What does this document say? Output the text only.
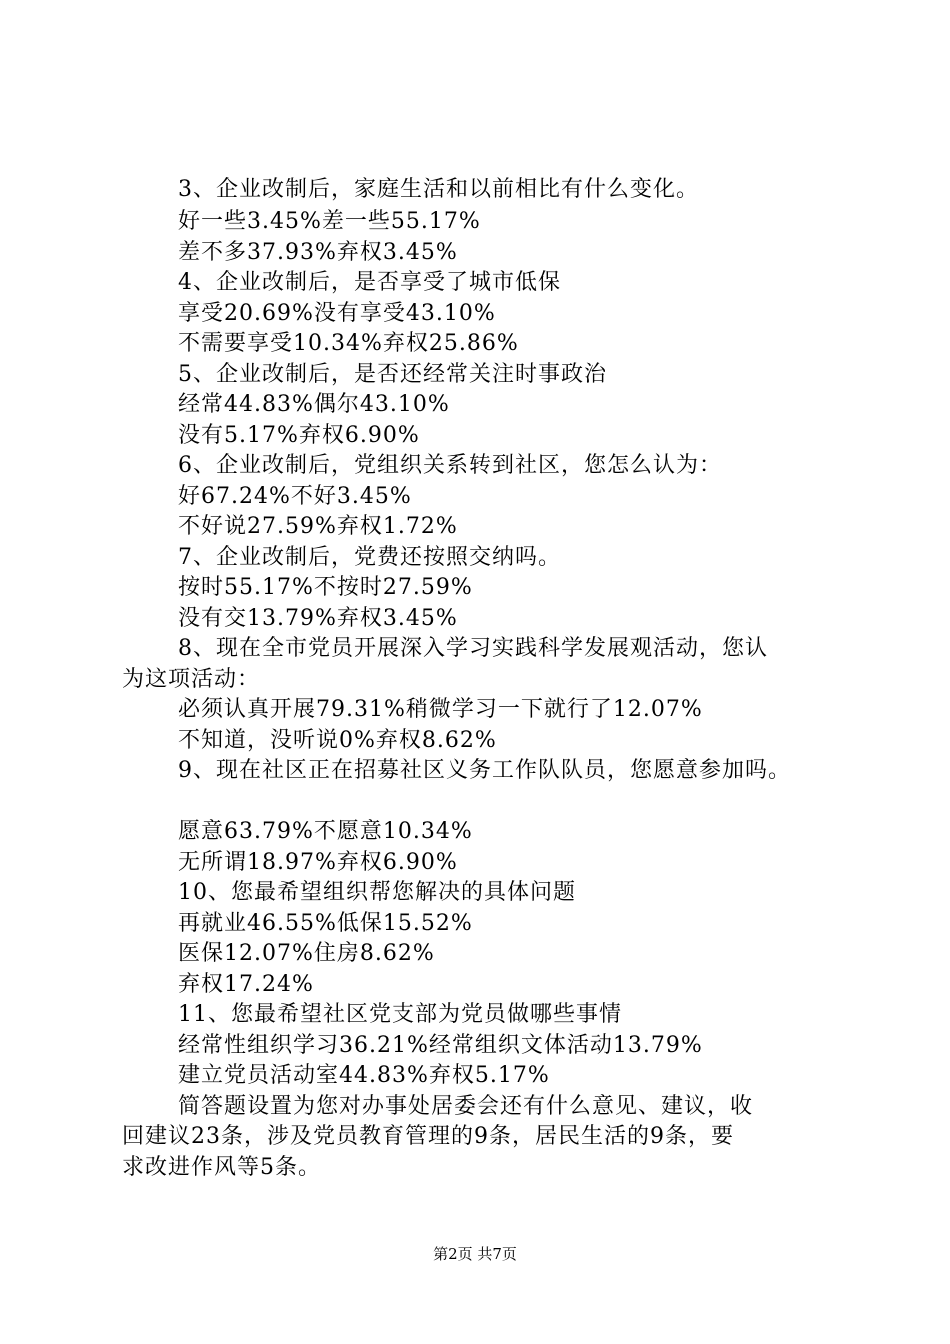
3、企业改制后，家庭生活和以前相比有什么变化。
好一些3.45%差一些55.17%
差不多37.93%弃权3.45%
4、企业改制后，是否享受了城市低保
享受20.69%没有享受43.10%
不需要享受10.34%弃权25.86%
5、企业改制后，是否还经常关注时事政治
经常44.83%偶尔43.10%
没有5.17%弃权6.90%
6、企业改制后，党组织关系转到社区，您怎么认为：
好67.24%不好3.45%
不好说27.59%弃权1.72%
7、企业改制后，党费还按照交纳吗。
按时55.17%不按时27.59%
没有交13.79%弃权3.45%
8、现在全市党员开展深入学习实践科学发展观活动，您认
为这项活动：
必须认真开展79.31%稍微学习一下就行了12.07%
不知道，没听说0%弃权8.62%
9、现在社区正在招募社区义务工作队队员，您愿意参加吗。
愿意63.79%不愿意10.34%
无所谓18.97%弃权6.90%
10、您最希望组织帮您解决的具体问题
再就业46.55%低保15.52%
医保12.07%住房8.62%
弃权17.24%
11、您最希望社区党支部为党员做哪些事情
经常性组织学习36.21%经常组织文体活动13.79%
建立党员活动室44.83%弃权5.17%
简答题设置为您对办事处居委会还有什么意见、建议，收
回建议23条，涉及党员教育管理的9条，居民生活的9条，要
求改进作风等5条。
第2页 共7页
